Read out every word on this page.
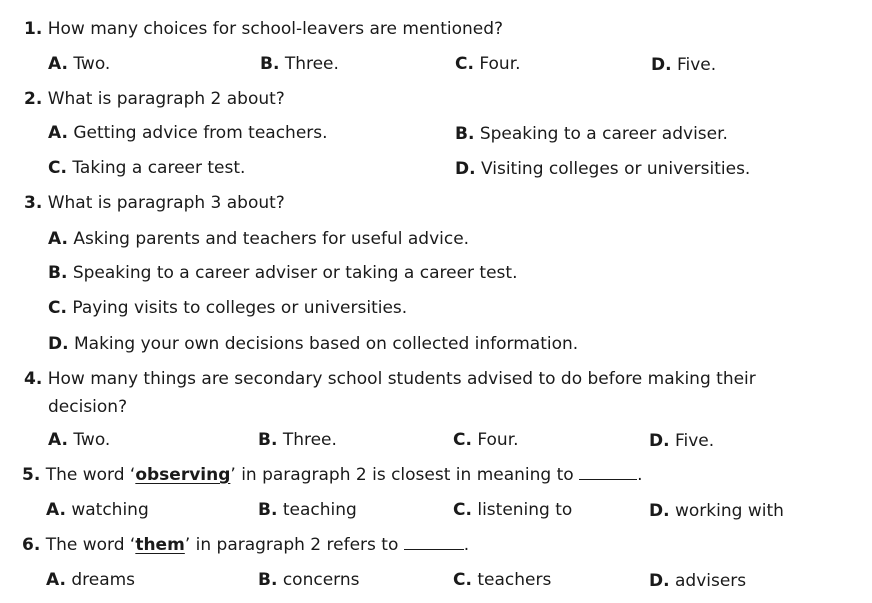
1. How many choices for school-leavers are mentioned?
A. Two.	B. Three.	C. Four.	D. Five.
2. What is paragraph 2 about?
A. Getting advice from teachers.	B. Speaking to a career adviser.
C. Taking a career test.	D. Visiting colleges or universities.
3. What is paragraph 3 about?
A. Asking parents and teachers for useful advice.
B. Speaking to a career adviser or taking a career test.
C. Paying visits to colleges or universities.
D. Making your own decisions based on collected information.
4. How many things are secondary school students advised to do before making their
decision?
A. Two.	B. Three.	C. Four.	D. Five.
5. The word ‘observing’ in paragraph 2 is closest in meaning to	.
A. watching	B. teaching	C. listening to	D. working with
6. The word ‘them’ in paragraph 2 refers to	.
A. dreams	B. concerns	C. teachers	D. advisers
